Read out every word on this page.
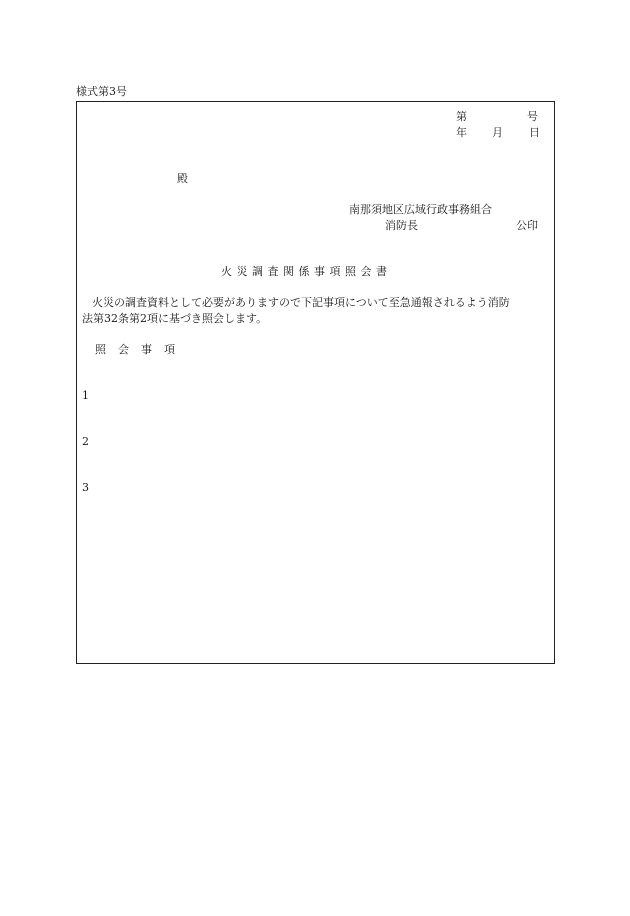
様式第3号
第	号
年 月 日
殿
南那須地区広域行政事務組合
消防長	公印
火災調査関係事項照会書
火災の調査資料として必要がありますので下記事項について至急通報されるよう消防
法第32条第2項に基づき照会します。
照会事項
1
2
3
